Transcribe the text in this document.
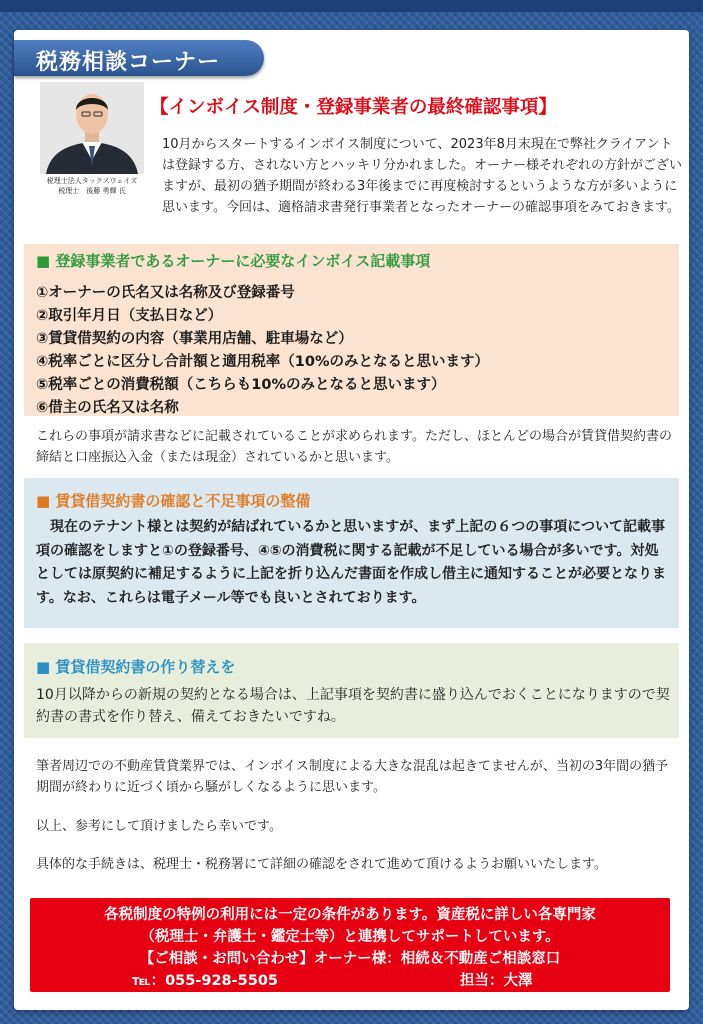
税務相談コーナー
税理士法人タックスウェイズ
税理士　後藤 勇輝 氏
【インボイス制度・登録事業者の最終確認事項】
10月からスタートするインボイス制度について、2023年8月末現在で弊社クライアントは登録する方、されない方とハッキリ分かれました。オーナー様それぞれの方針がございますが、最初の猶予期間が終わる3年後までに再度検討するというような方が多いように思います。今回は、適格請求書発行事業者となったオーナーの確認事項をみておきます。
■ 登録事業者であるオーナーに必要なインボイス記載事項
①オーナーの氏名又は名称及び登録番号
②取引年月日（支払日など）
③賃貸借契約の内容（事業用店舗、駐車場など）
④税率ごとに区分し合計額と適用税率（10%のみとなると思います）
⑤税率ごとの消費税額（こちらも10%のみとなると思います）
⑥借主の氏名又は名称
これらの事項が請求書などに記載されていることが求められます。ただし、ほとんどの場合が賃貸借契約書の締結と口座振込入金（または現金）されているかと思います。
■ 賃貸借契約書の確認と不足事項の整備
現在のテナント様とは契約が結ばれているかと思いますが、まず上記の６つの事項について記載事項の確認をしますと①の登録番号、④⑤の消費税に関する記載が不足している場合が多いです。対処としては原契約に補足するように上記を折り込んだ書面を作成し借主に通知することが必要となります。なお、これらは電子メール等でも良いとされております。
■ 賃貸借契約書の作り替えを
10月以降からの新規の契約となる場合は、上記事項を契約書に盛り込んでおくことになりますので契約書の書式を作り替え、備えておきたいですね。
筆者周辺での不動産賃貸業界では、インボイス制度による大きな混乱は起きてませんが、当初の3年間の猶予期間が終わりに近づく頃から騒がしくなるように思います。
以上、参考にして頂けましたら幸いです。
具体的な手続きは、税理士・税務署にて詳細の確認をされて進めて頂けるようお願いいたします。
各税制度の特例の利用には一定の条件があります。資産税に詳しい各専門家
（税理士・弁護士・鑑定士等）と連携してサポートしています。
【ご相談・お問い合わせ】オーナー様：相続＆不動産ご相談窓口
℡：055-928-5505	担当：大澤
